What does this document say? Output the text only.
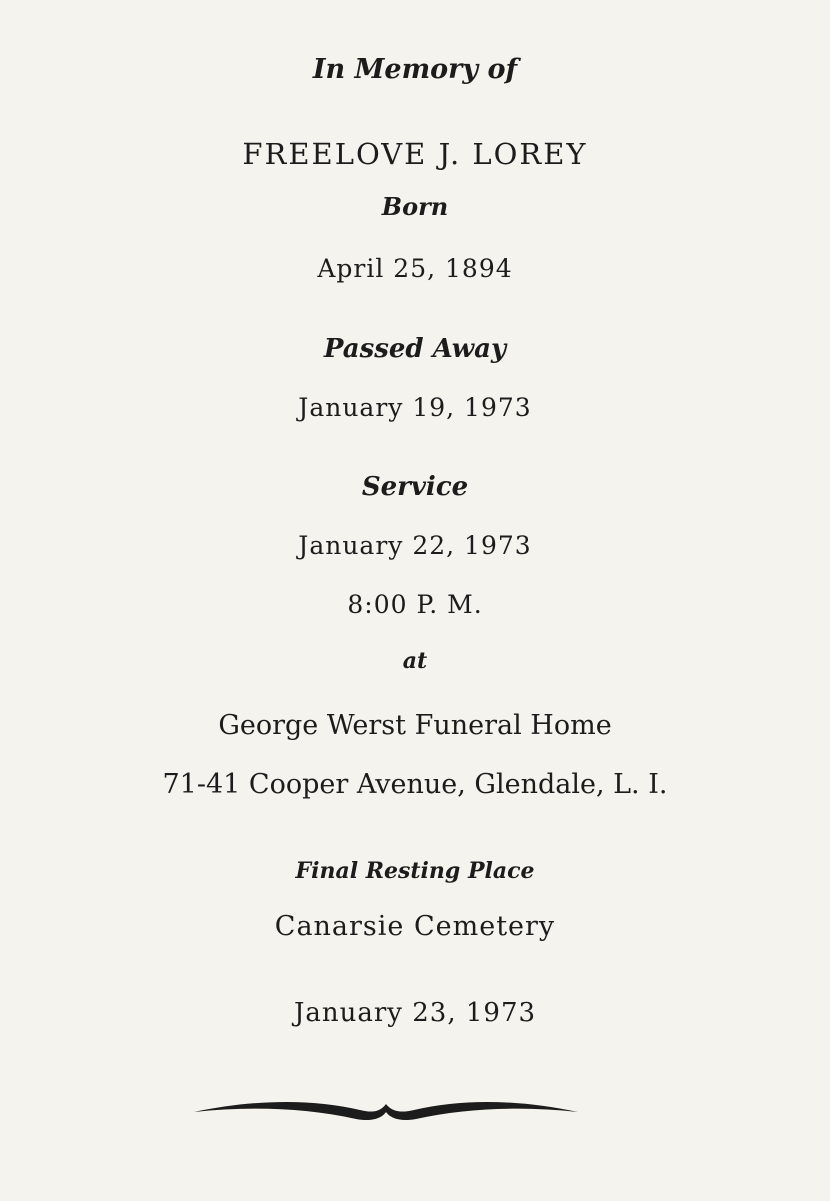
In Memory of
FREELOVE J. LOREY
Born
April 25, 1894
Passed Away
January 19, 1973
Service
January 22, 1973
8:00 P. M.
at
George Werst Funeral Home
71-41 Cooper Avenue, Glendale, L. I.
Final Resting Place
Canarsie Cemetery
January 23, 1973
